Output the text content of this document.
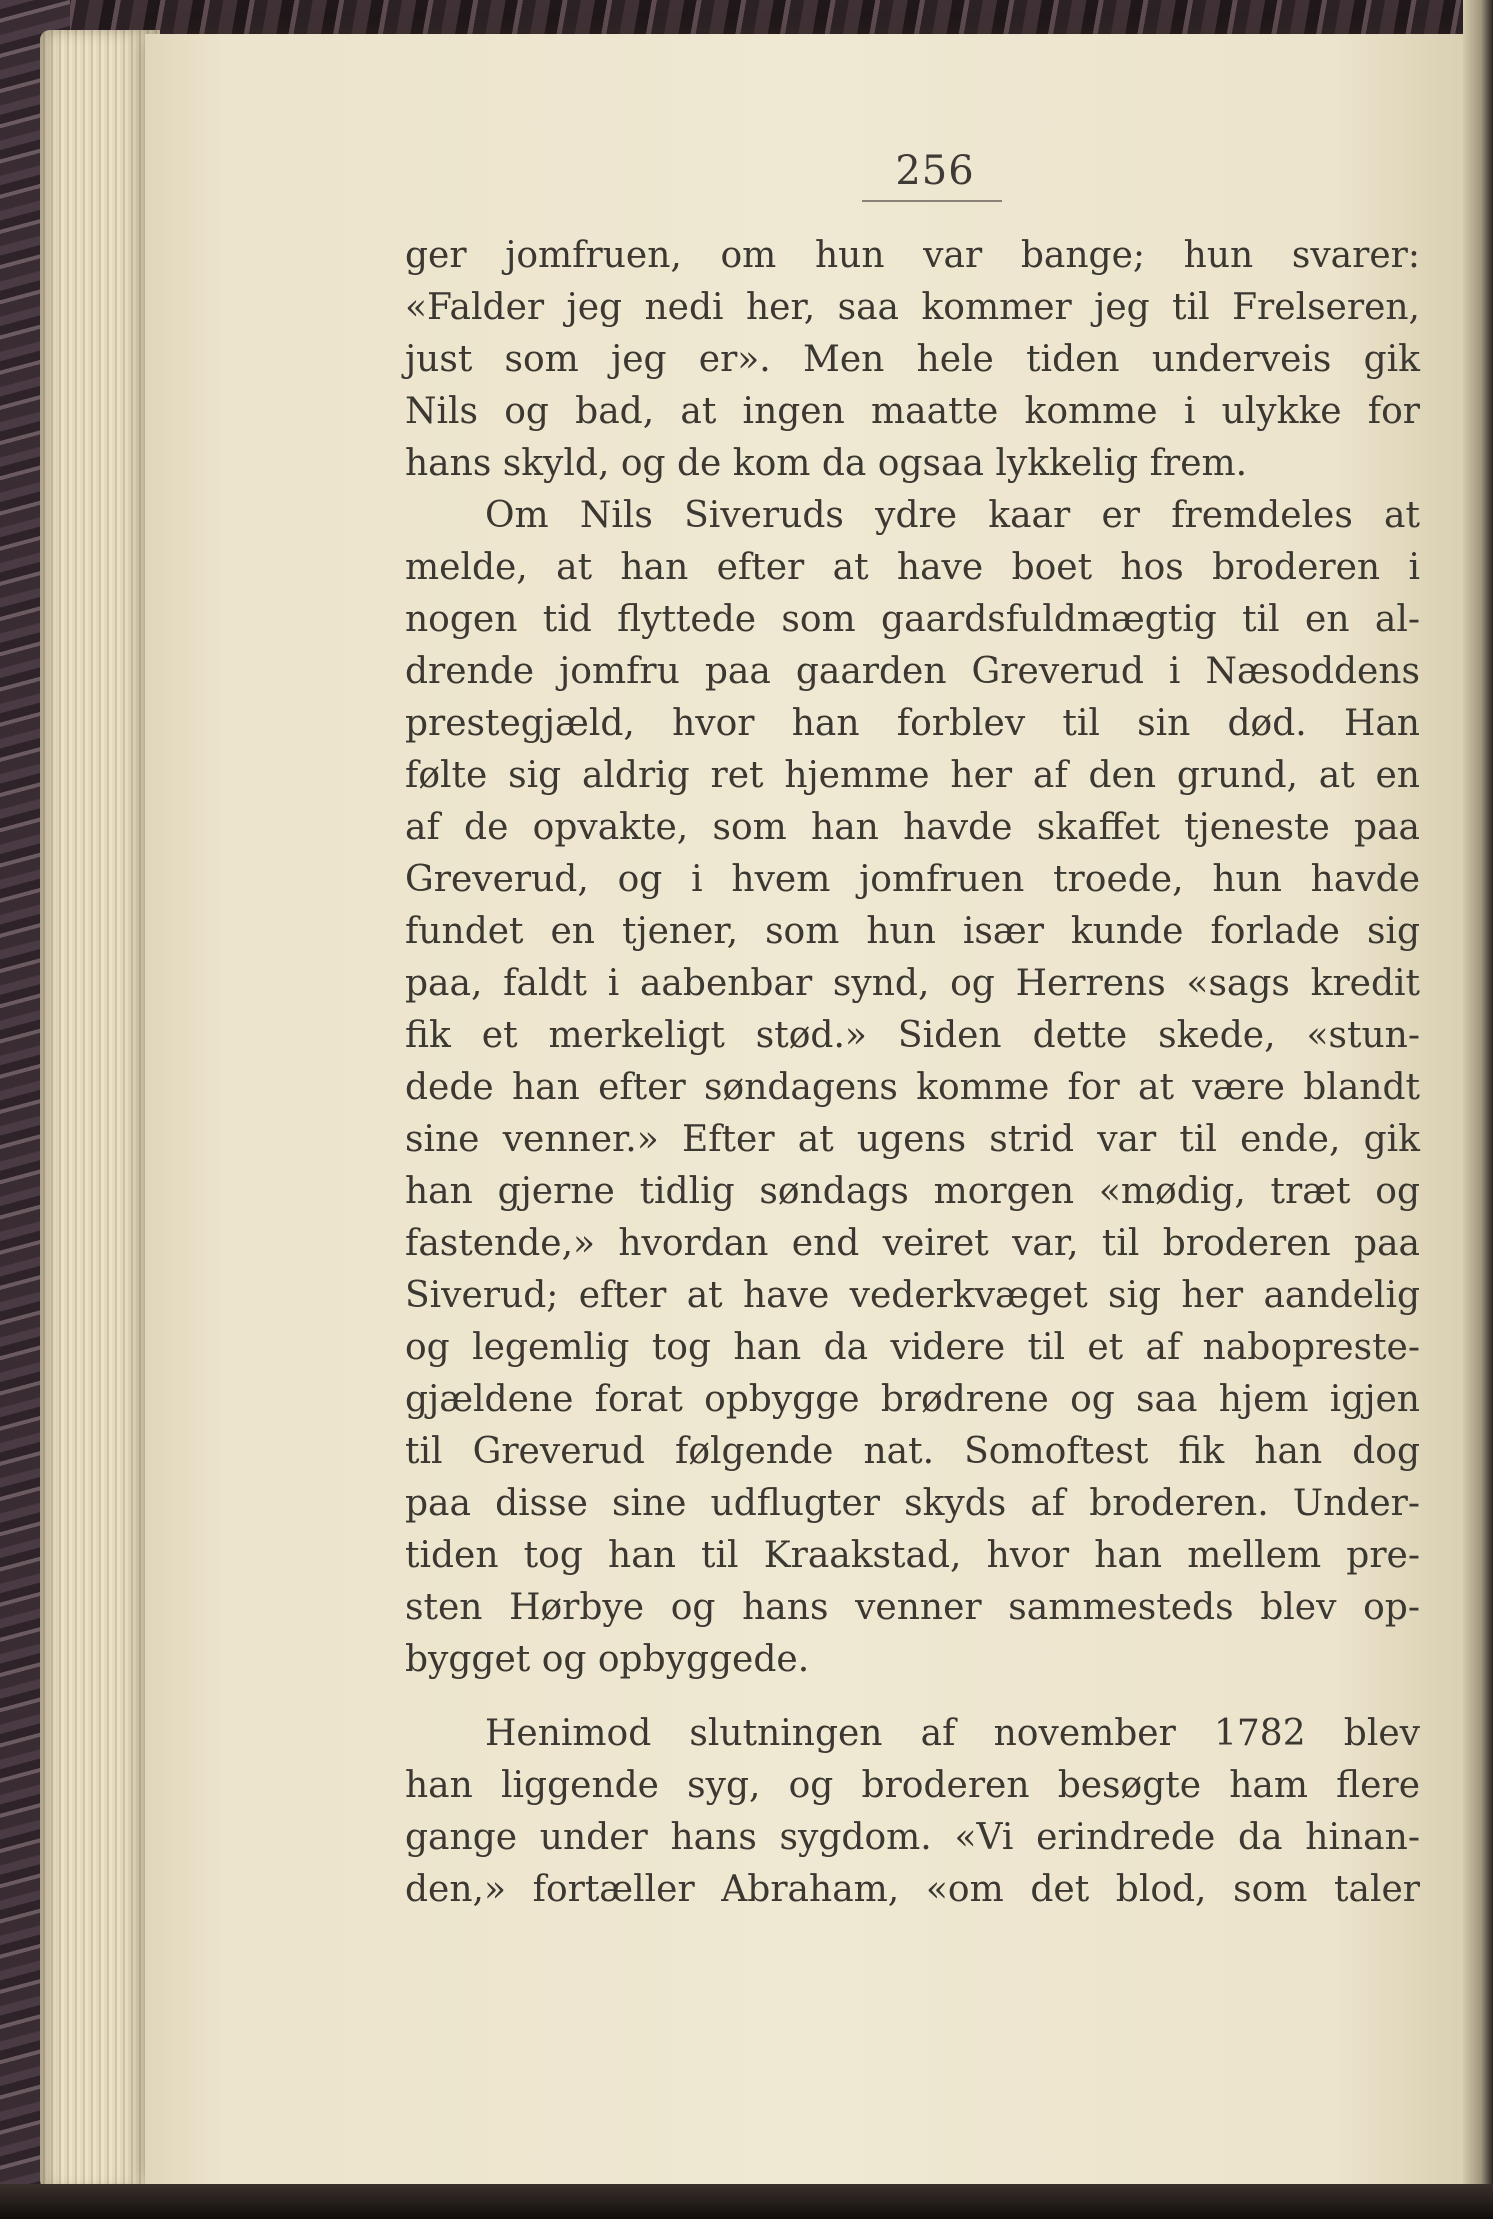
256
ger jomfruen, om hun var bange; hun svarer:
«Falder jeg nedi her, saa kommer jeg til Frelseren,
just som jeg er». Men hele tiden underveis gik
Nils og bad, at ingen maatte komme i ulykke for
hans skyld, og de kom da ogsaa lykkelig frem.
Om Nils Siveruds ydre kaar er fremdeles at
melde, at han efter at have boet hos broderen i
nogen tid flyttede som gaardsfuldmægtig til en al-
drende jomfru paa gaarden Greverud i Næsoddens
prestegjæld, hvor han forblev til sin død. Han
følte sig aldrig ret hjemme her af den grund, at en
af de opvakte, som han havde skaffet tjeneste paa
Greverud, og i hvem jomfruen troede, hun havde
fundet en tjener, som hun især kunde forlade sig
paa, faldt i aabenbar synd, og Herrens «sags kredit
fik et merkeligt stød.» Siden dette skede, «stun-
dede han efter søndagens komme for at være blandt
sine venner.» Efter at ugens strid var til ende, gik
han gjerne tidlig søndags morgen «mødig, træt og
fastende,» hvordan end veiret var, til broderen paa
Siverud; efter at have vederkvæget sig her aandelig
og legemlig tog han da videre til et af nabopreste-
gjældene forat opbygge brødrene og saa hjem igjen
til Greverud følgende nat. Somoftest fik han dog
paa disse sine udflugter skyds af broderen. Under-
tiden tog han til Kraakstad, hvor han mellem pre-
sten Hørbye og hans venner sammesteds blev op-
bygget og opbyggede.
Henimod slutningen af november 1782 blev
han liggende syg, og broderen besøgte ham flere
gange under hans sygdom. «Vi erindrede da hinan-
den,» fortæller Abraham, «om det blod, som taler
